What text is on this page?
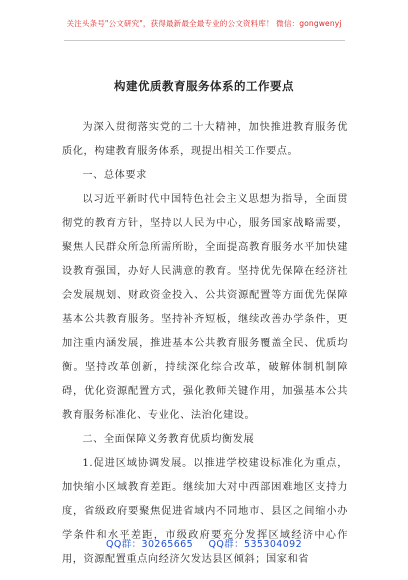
关注头条号"公文研究"，获得最新最全最专业的公文资料库！ 微信：gongwenyj
构建优质教育服务体系的工作要点

为深入贯彻落实党的二十大精神，加快推进教育服务优质化，构建教育服务体系，现提出相关工作要点。

一、总体要求

以习近平新时代中国特色社会主义思想为指导，全面贯彻党的教育方针，坚持以人民为中心，服务国家战略需要，聚焦人民群众所急所需所盼，全面提高教育服务水平加快建设教育强国，办好人民满意的教育。坚持优先保障在经济社会发展规划、财政资金投入、公共资源配置等方面优先保障基本公共教育服务。坚持补齐短板，继续改善办学条件，更加注重内涵发展，推进基本公共教育服务覆盖全民、优质均衡。坚持改革创新，持续深化综合改革，破解体制机制障碍，优化资源配置方式，强化教师关键作用，加强基本公共教育服务标准化、专业化、法治化建设。

二、全面保障义务教育优质均衡发展

1.促进区域协调发展。以推进学校建设标准化为重点，加快缩小区域教育差距。继续加大对中西部困难地区支持力度，省级政府要聚焦促进省域内不同地市、县区之间缩小办学条件和水平差距，市级政府要充分发挥区域经济中心作用，资源配置重点向经济欠发达县区倾斜；国家和省

QQ群：30265665 QQ群：535304092
